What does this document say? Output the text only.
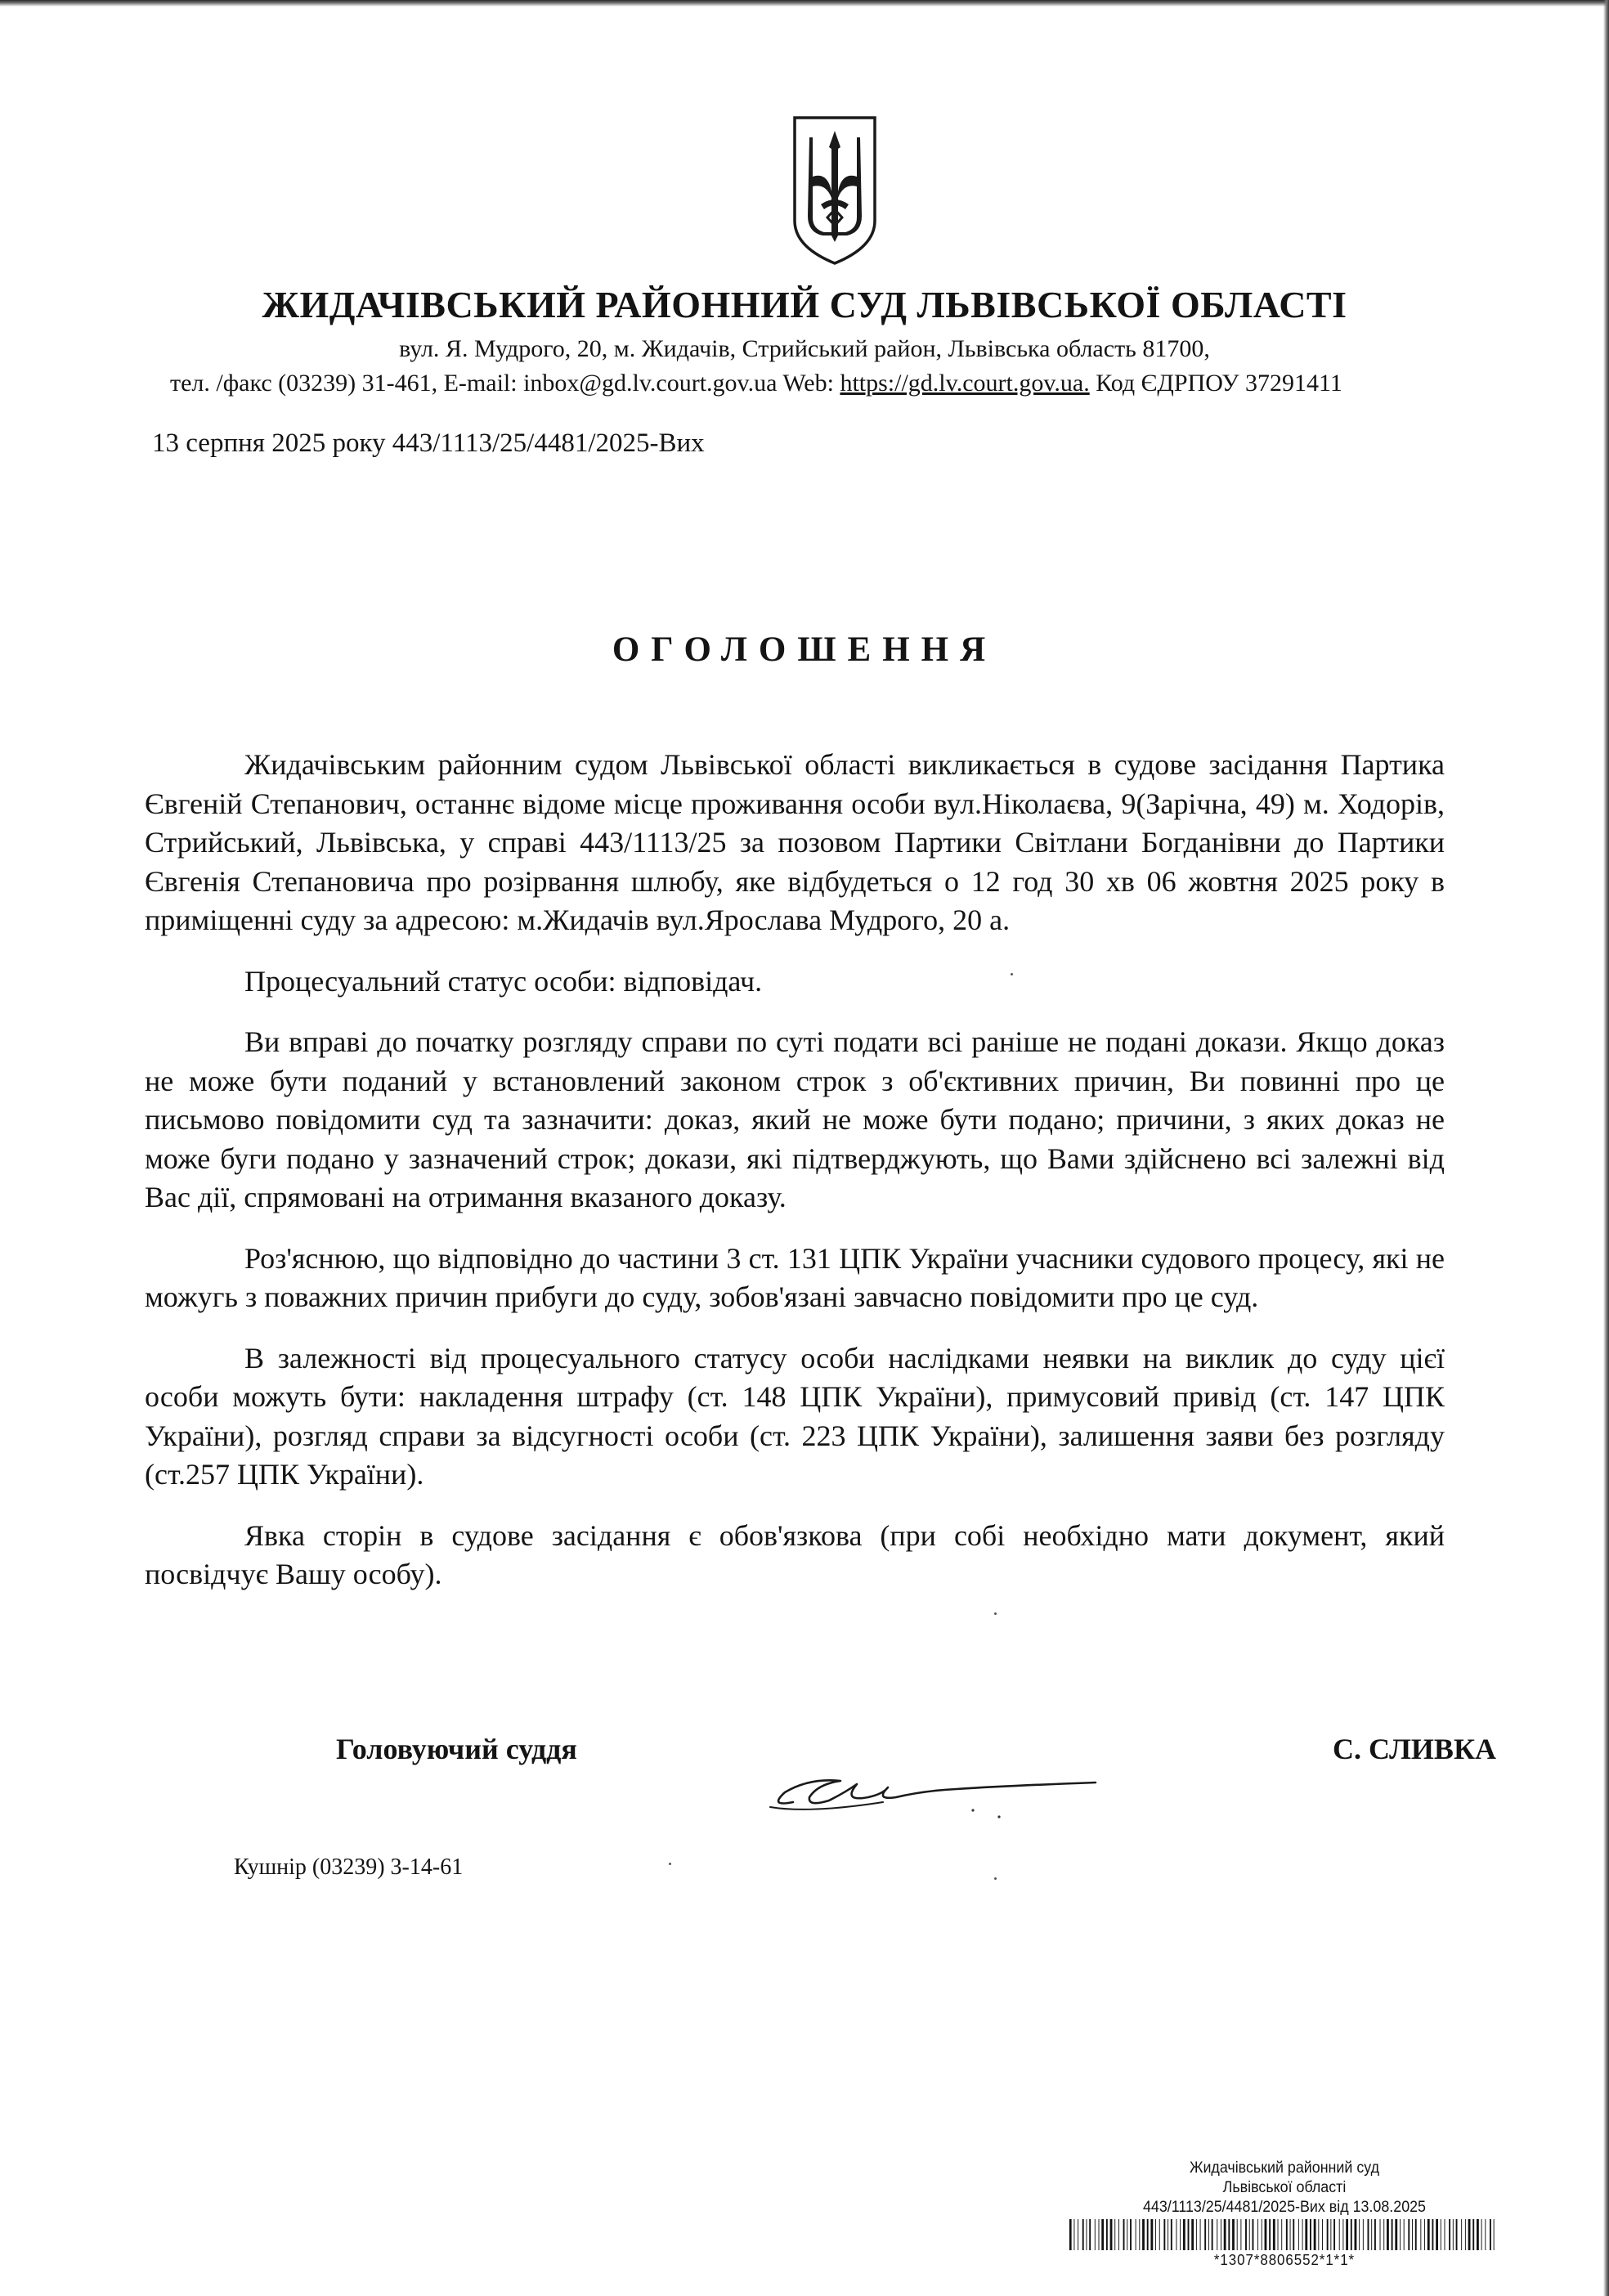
ЖИДАЧІВСЬКИЙ РАЙОННИЙ СУД ЛЬВІВСЬКОЇ ОБЛАСТІ
вул. Я. Мудрого, 20, м. Жидачів, Стрийський район, Львівська область 81700,
тел. /факс (03239) 31-461, E-mail: inbox@gd.lv.court.gov.ua Web: https://gd.lv.court.gov.ua. Код ЄДРПОУ 37291411
13 серпня 2025 року 443/1113/25/4481/2025-Вих
ОГОЛОШЕННЯ

Жидачівським районним судом Львівської області викликається в судове засідання Партика Євгеній Степанович, останнє відоме місце проживання особи вул.Ніколаєва, 9(Зарічна, 49) м. Ходорів, Стрийський, Львівська, у справі 443/1113/25 за позовом Партики Світлани Богданівни до Партики Євгенія Степановича про розірвання шлюбу, яке відбудеться о 12 год 30 хв 06 жовтня 2025 року в приміщенні суду за адресою: м.Жидачів вул.Ярослава Мудрого, 20 а.

Процесуальний статус особи: відповідач.

Ви вправі до початку розгляду справи по суті подати всі раніше не подані докази. Якщо доказ не може бути поданий у встановлений законом строк з об'єктивних причин, Ви повинні про це письмово повідомити суд та зазначити: доказ, який не може бути подано; причини, з яких доказ не може буги подано у зазначений строк; докази, які підтверджують, що Вами здійснено всі залежні від Вас дії, спрямовані на отримання вказаного доказу.

Роз'яснюю, що відповідно до частини 3 ст. 131 ЦПК України учасники судового процесу, які не можугь з поважних причин прибуги до суду, зобов'язані завчасно повідомити про це суд.

В залежності від процесуального статусу особи наслідками неявки на виклик до суду цієї особи можуть бути: накладення штрафу (ст. 148 ЦПК України), примусовий привід (ст. 147 ЦПК України), розгляд справи за відсугності особи (ст. 223 ЦПК України), залишення заяви без розгляду (ст.257 ЦПК України).

Явка сторін в судове засідання є обов'язкова (при собі необхідно мати документ, який посвідчує Вашу особу).

Головуючий суддя	С. СЛИВКА
Кушнір (03239) 3-14-61
Жидачівський районний суд
Львівської області
443/1113/25/4481/2025-Вих від 13.08.2025
*1307*8806552*1*1*
